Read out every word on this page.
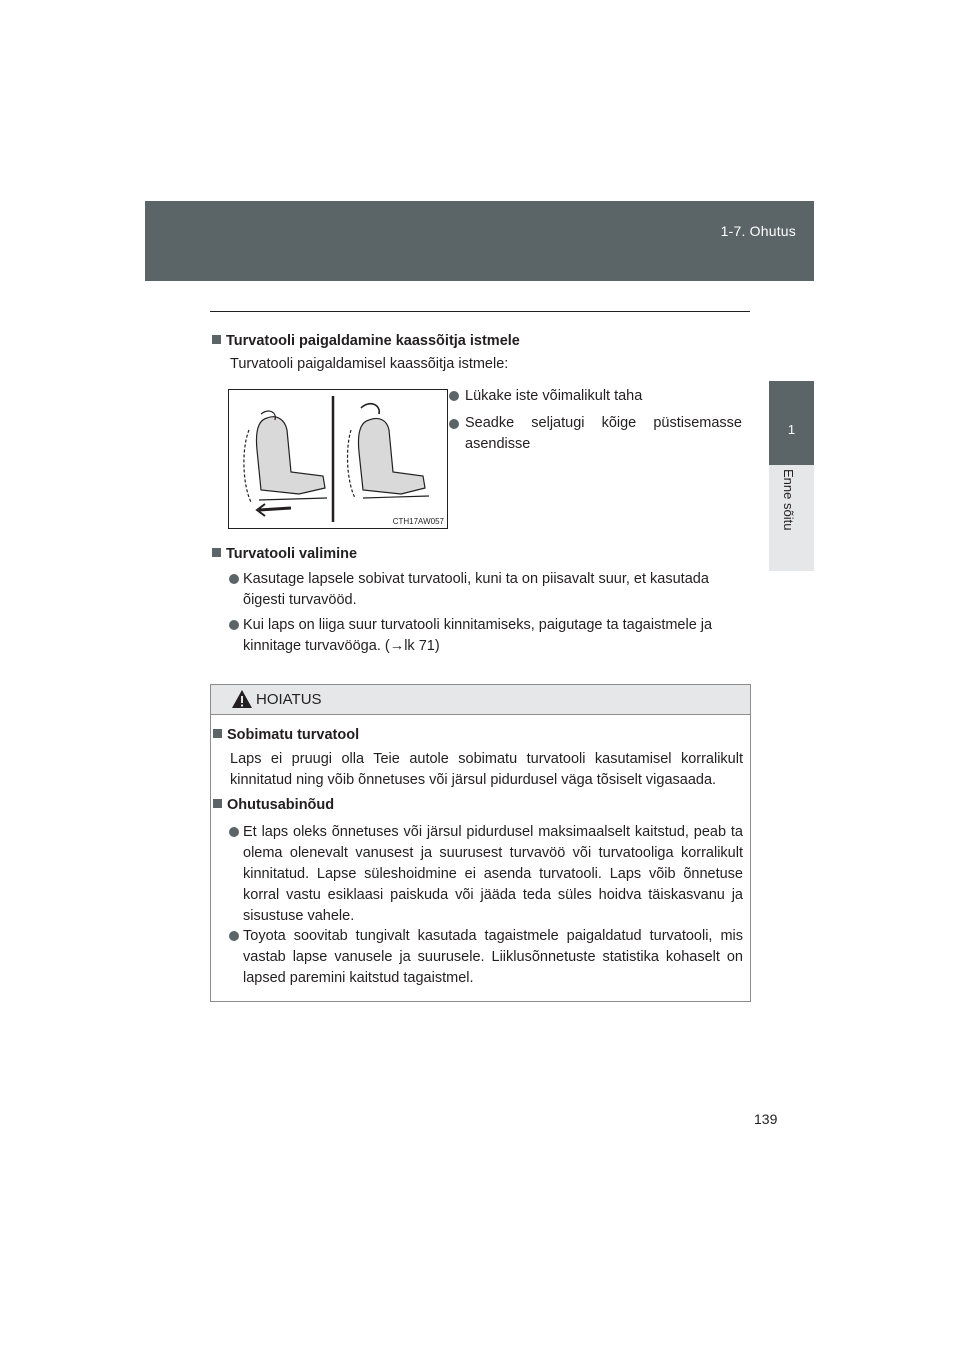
1-7. Ohutus
1
Enne sõitu
Turvatooli paigaldamine kaassõitja istmele
Turvatooli paigaldamisel kaassõitja istmele:
CTH17AW057
Lükake iste võimalikult taha
Seadke seljatugi kõige püstisemasse asendisse
Turvatooli valimine
Kasutage lapsele sobivat turvatooli, kuni ta on piisavalt suur, et kasutada õigesti turvavööd.
Kui laps on liiga suur turvatooli kinnitamiseks, paigutage ta tagaistmele ja kinnitage turvavööga. (→lk 71)
HOIATUS
Sobimatu turvatool
Laps ei pruugi olla Teie autole sobimatu turvatooli kasutamisel korralikult kinnitatud ning võib õnnetuses või järsul pidurdusel väga tõsiselt vigasaada.
Ohutusabinõud
Et laps oleks õnnetuses või järsul pidurdusel maksimaalselt kaitstud, peab ta olema olenevalt vanusest ja suurusest turvavöö või turvatooliga korralikult kinnitatud. Lapse süleshoidmine ei asenda turvatooli. Laps võib õnnetuse korral vastu esiklaasi paiskuda või jääda teda süles hoidva täiskasvanu ja sisustuse vahele.
Toyota soovitab tungivalt kasutada tagaistmele paigaldatud turvatooli, mis vastab lapse vanusele ja suurusele. Liiklusõnnetuste statistika kohaselt on lapsed paremini kaitstud tagaistmel.
139
